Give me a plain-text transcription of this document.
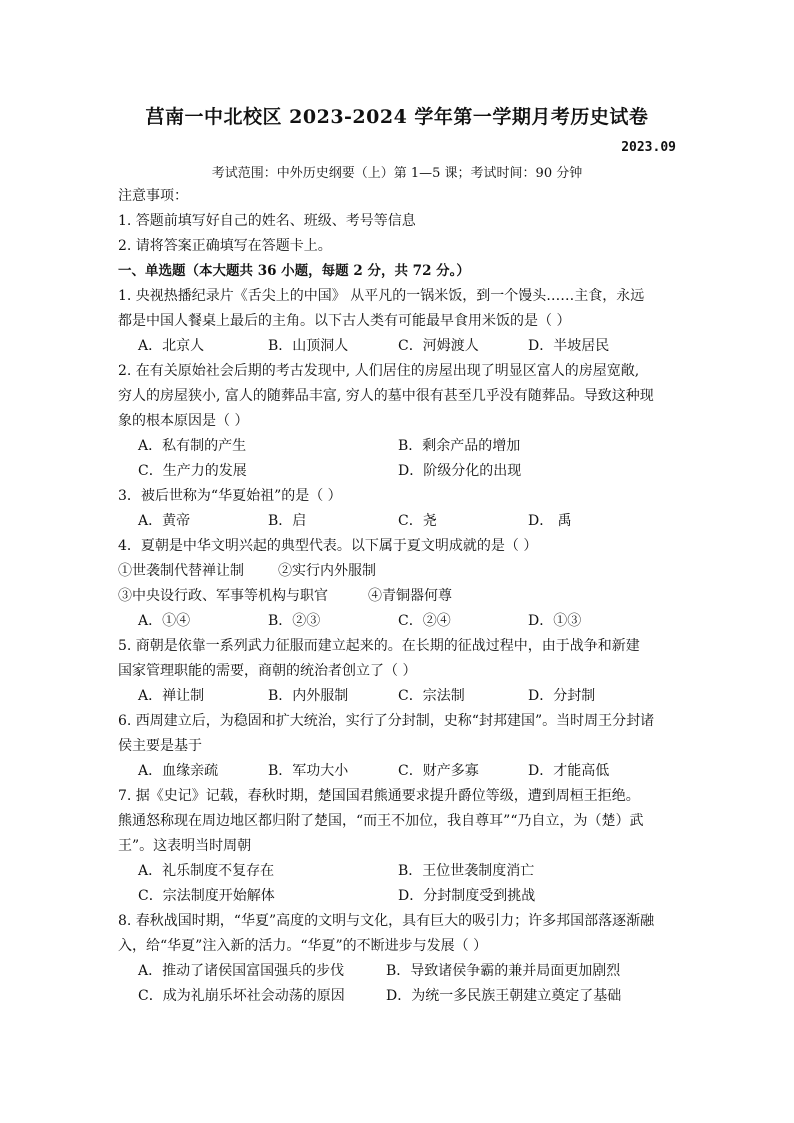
莒南一中北校区 2023-2024 学年第一学期月考历史试卷
2023.09
考试范围：中外历史纲要（上）第 1—5 课；考试时间：90 分钟
注意事项：
1. 答题前填写好自己的姓名、班级、考号等信息
2. 请将答案正确填写在答题卡上。
一、单选题（本大题共 36 小题，每题 2 分，共 72 分。）
1. 央视热播纪录片《舌尖上的中国》 从平凡的一锅米饭，到一个馒头……主食，永远
都是中国人餐桌上最后的主角。以下古人类有可能最早食用米饭的是（ ）
A．北京人	B．山顶洞人	C．河姆渡人	D．半坡居民
2. 在有关原始社会后期的考古发现中, 人们居住的房屋出现了明显区富人的房屋宽敞,
穷人的房屋狭小, 富人的随葬品丰富, 穷人的墓中很有甚至几乎没有随葬品。导致这种现
象的根本原因是（ ）
A．私有制的产生	B．剩余产品的增加
C．生产力的发展	D．阶级分化的出现
3．被后世称为“华夏始祖”的是（ ）
A．黄帝	B．启	C．尧	D． 禹
4．夏朝是中华文明兴起的典型代表。以下属于夏文明成就的是（ ）
①世袭制代替禅让制 ②实行内外服制
③中央设行政、军事等机构与职官	④青铜器何尊
A．①④	B．②③	C．②④	D．①③
5. 商朝是依靠一系列武力征服而建立起来的。在长期的征战过程中，由于战争和新建
国家管理职能的需要，商朝的统治者创立了（ ）
A．禅让制	B．内外服制	C．宗法制	D．分封制
6. 西周建立后，为稳固和扩大统治，实行了分封制，史称“封邦建国”。当时周王分封诸
侯主要是基于
A．血缘亲疏	B．军功大小	C．财产多寡	D．才能高低
7. 据《史记》记载，春秋时期，楚国国君熊通要求提升爵位等级，遭到周桓王拒绝。
熊通怒称现在周边地区都归附了楚国，“而王不加位，我自尊耳”“乃自立，为（楚）武
王”。这表明当时周朝
A．礼乐制度不复存在	B．王位世袭制度消亡
C．宗法制度开始解体	D．分封制度受到挑战
8. 春秋战国时期，“华夏”高度的文明与文化，具有巨大的吸引力；许多邦国部落逐渐融
入，给“华夏”注入新的活力。“华夏”的不断进步与发展（ ）
A．推动了诸侯国富国强兵的步伐	B．导致诸侯争霸的兼并局面更加剧烈
C．成为礼崩乐坏社会动荡的原因	D．为统一多民族王朝建立奠定了基础
